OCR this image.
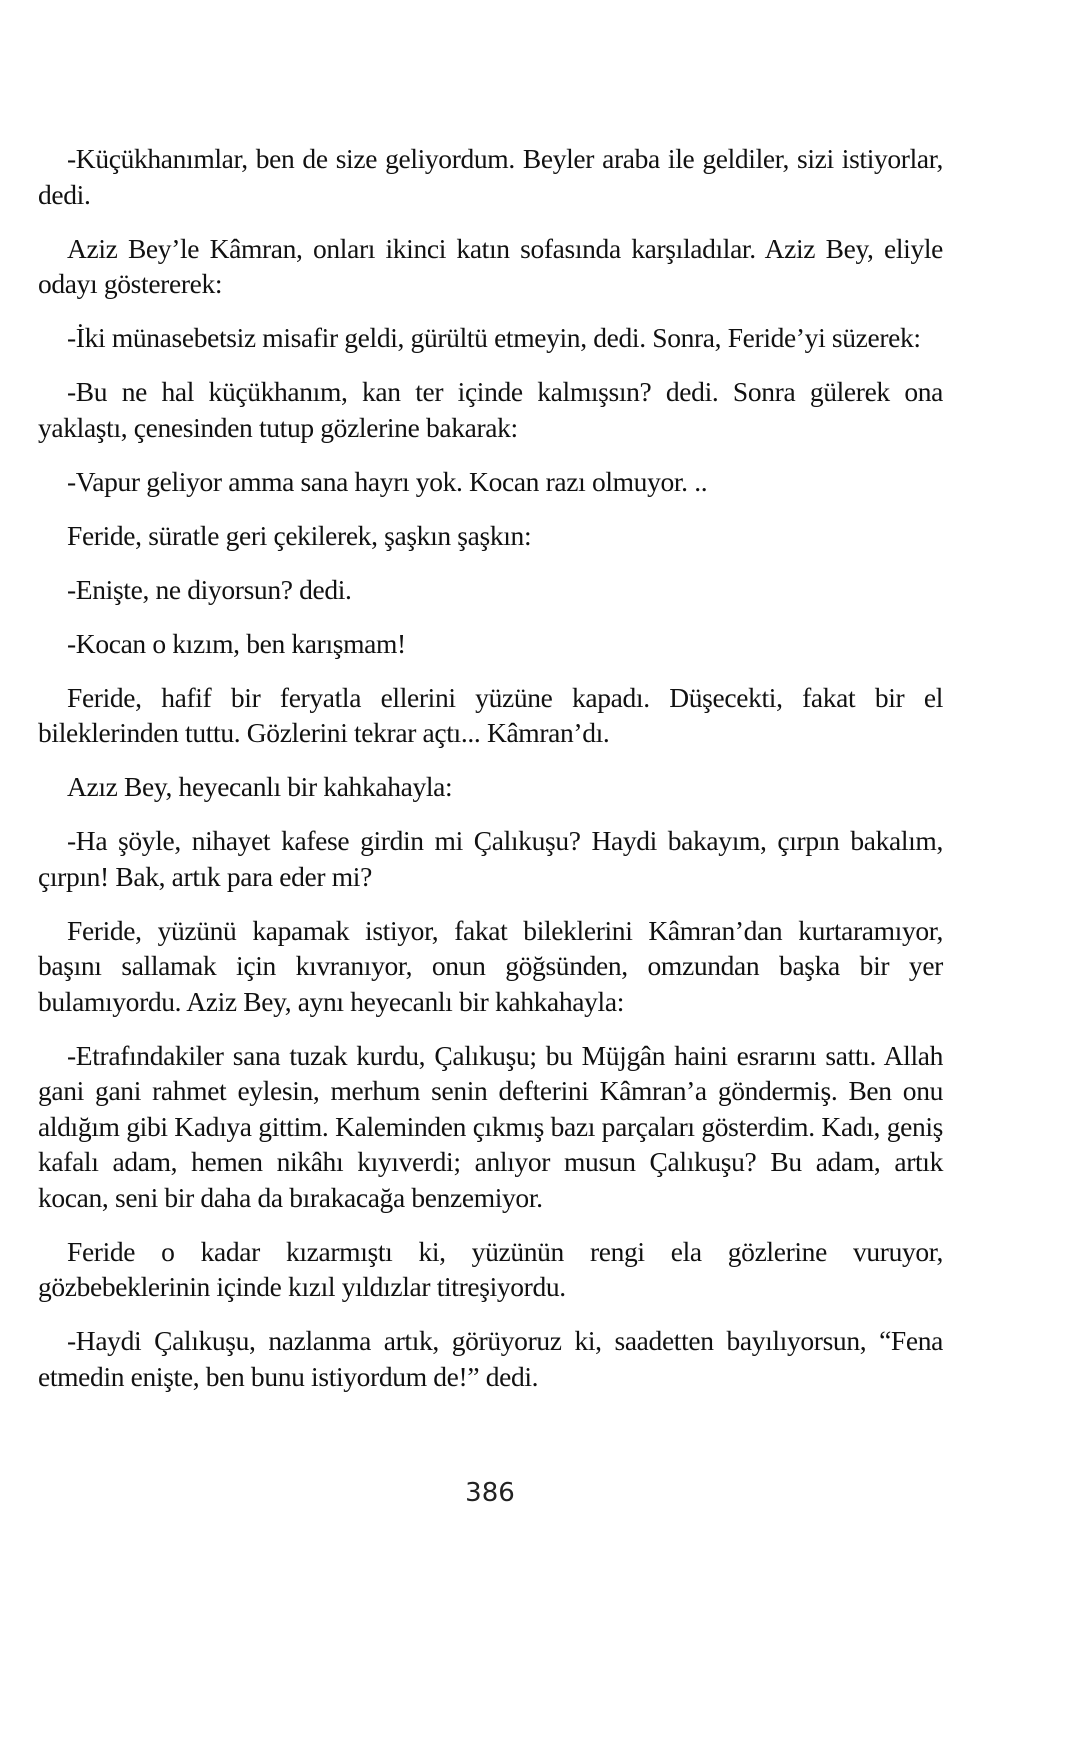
-Küçükhanımlar, ben de size geliyordum. Beyler araba ile geldiler, sizi istiyorlar, dedi.

Aziz Bey’le Kâmran, onları ikinci katın sofasında karşıladılar. Aziz Bey, eliyle odayı göstererek:

-İki münasebetsiz misafir geldi, gürültü etmeyin, dedi. Sonra, Feride’yi süzerek:

-Bu ne hal küçükhanım, kan ter içinde kalmışsın? dedi. Sonra gülerek ona yaklaştı, çenesinden tutup gözlerine bakarak:

-Vapur geliyor amma sana hayrı yok. Kocan razı olmuyor. ..

Feride, süratle geri çekilerek, şaşkın şaşkın:

-Enişte, ne diyorsun? dedi.

-Kocan o kızım, ben karışmam!

Feride, hafif bir feryatla ellerini yüzüne kapadı. Düşecekti, fakat bir el bileklerinden tuttu. Gözlerini tekrar açtı... Kâmran’dı.

Azız Bey, heyecanlı bir kahkahayla:

-Ha şöyle, nihayet kafese girdin mi Çalıkuşu? Haydi bakayım, çırpın bakalım, çırpın! Bak, artık para eder mi?

Feride, yüzünü kapamak istiyor, fakat bileklerini Kâmran’dan kurtaramıyor, başını sallamak için kıvranıyor, onun göğsünden, omzundan başka bir yer bulamıyordu. Aziz Bey, aynı heyecanlı bir kahkahayla:

-Etrafındakiler sana tuzak kurdu, Çalıkuşu; bu Müjgân haini esrarını sattı. Allah gani gani rahmet eylesin, merhum senin defterini Kâmran’a göndermiş. Ben onu aldığım gibi Kadıya gittim. Kaleminden çıkmış bazı parçaları gösterdim. Kadı, geniş kafalı adam, hemen nikâhı kıyıverdi; anlıyor musun Çalıkuşu? Bu adam, artık kocan, seni bir daha da bırakacağa benzemiyor.

Feride o kadar kızarmıştı ki, yüzünün rengi ela gözlerine vuruyor, gözbebeklerinin içinde kızıl yıldızlar titreşiyordu.

-Haydi Çalıkuşu, nazlanma artık, görüyoruz ki, saadetten bayılıyorsun, “Fena etmedin enişte, ben bunu istiyordum de!” dedi.

386
